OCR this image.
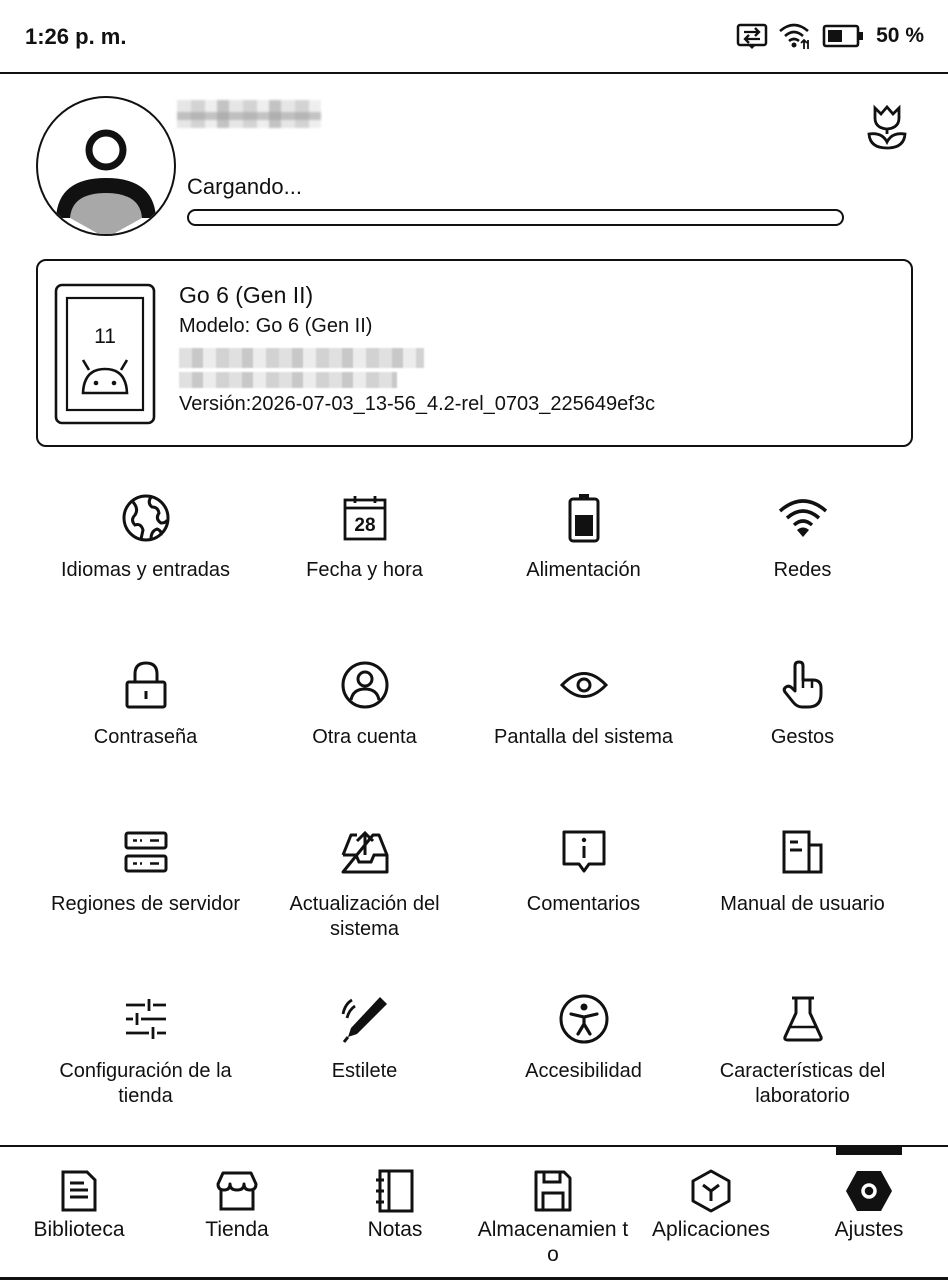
1:26 p. m.	50 %
Cargando...
11
Go 6 (Gen II)
Modelo: Go 6 (Gen II)
Versión:2026-07-03_13-56_4.2-rel_0703_225649ef3c
Idiomas y entradas
28
Fecha y hora	Alimentación	Redes
Contraseña	Otra cuenta	Pantalla del sistema	Gestos
Regiones de servidor	Actualización del sistema
Comentarios	Manual de usuario
Configuración de la tienda
Estilete	Accesibilidad	Características del laboratorio
Biblioteca	Tienda	Notas	Almacenamien to
Aplicaciones	Ajustes
